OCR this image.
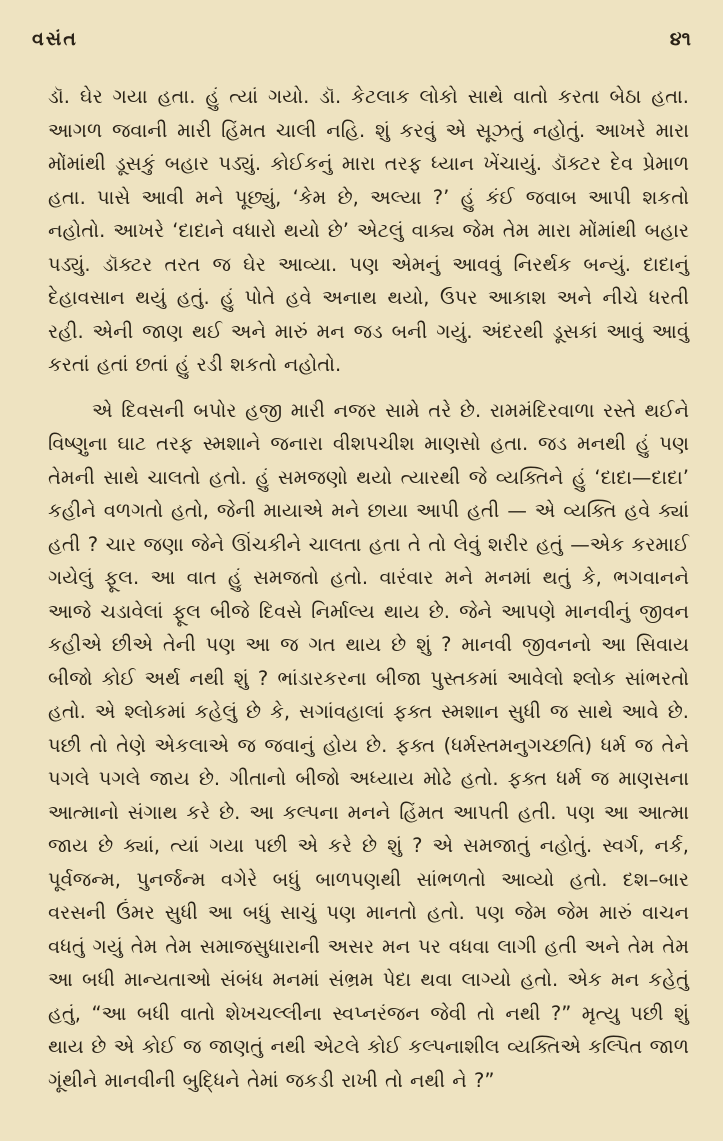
વસંત	૪૧

ડૉ. ઘેર ગયા હતા. હું ત્યાં ગયો. ડૉ. કેટલાક લોકો સાથે વાતો કરતા બેઠા હતા. આગળ જવાની મારી હિંમત ચાલી નહિ. શું કરવું એ સૂઝતું નહોતું. આખરે મારા મોંમાંથી ડૂસકું બહાર પડ્યું. કોઈકનું મારા તરફ ધ્યાન ખેંચાયું. ડૉક્ટર દેવ પ્રેમાળ હતા. પાસે આવી મને પૂછ્યું, ‘કેમ છે, અલ્યા ?’ હું કંઈ જવાબ આપી શકતો નહોતો. આખરે ‘દાદાને વધારો થયો છે’ એટલું વાક્ય જેમ તેમ મારા મોંમાંથી બહાર પડ્યું. ડૉક્ટર તરત જ ઘેર આવ્યા. પણ એમનું આવવું નિરર્થક બન્યું. દાદાનું દેહાવસાન થયું હતું. હું પોતે હવે અનાથ થયો, ઉપર આકાશ અને નીચે ધરતી રહી. એની જાણ થઈ અને મારું મન જડ બની ગયું. અંદરથી ડૂસકાં આવું આવું કરતાં હતાં છતાં હું રડી શકતો નહોતો.

એ દિવસની બપોર હજી મારી નજર સામે તરે છે. રામમંદિરવાળા રસ્તે થઈને વિષ્ણુના ઘાટ તરફ સ્મશાને જનારા વીશપચીશ માણસો હતા. જડ મનથી હું પણ તેમની સાથે ચાલતો હતો. હું સમજણો થયો ત્યારથી જે વ્યક્તિને હું ‘દાદા—દાદા’ કહીને વળગતો હતો, જેની માયાએ મને છાયા આપી હતી — એ વ્યક્તિ હવે ક્યાં હતી ? ચાર જણા જેને ઊંચકીને ચાલતા હતા તે તો લેવું શરીર હતું —એક કરમાઈ ગયેલું ફૂલ. આ વાત હું સમજતો હતો. વારંવાર મને મનમાં થતું કે, ભગવાનને આજે ચડાવેલાં ફૂલ બીજે દિવસે નિર્માલ્ય થાય છે. જેને આપણે માનવીનું જીવન કહીએ છીએ તેની પણ આ જ ગત થાય છે શું ? માનવી જીવનનો આ સિવાય બીજો કોઈ અર્થ નથી શું ? ભાંડારકરના બીજા પુસ્તકમાં આવેલો શ્લોક સાંભરતો હતો. એ શ્લોકમાં કહેલું છે કે, સગાંવહાલાં ફક્ત સ્મશાન સુધી જ સાથે આવે છે. પછી તો તેણે એકલાએ જ જવાનું હોય છે. ફક્ત (ધર્મસ્તમનુગચ્છતિ) ધર્મ જ તેને પગલે પગલે જાય છે. ગીતાનો બીજો અધ્યાય મોઢે હતો. ફક્ત ધર્મ જ માણસના આત્માનો સંગાથ કરે છે. આ કલ્પના મનને હિંમત આપતી હતી. પણ આ આત્મા જાય છે ક્યાં, ત્યાં ગયા પછી એ કરે છે શું ? એ સમજાતું નહોતું. સ્વર્ગ, નર્ક, પૂર્વજન્મ, પુનર્જન્મ વગેરે બધું બાળપણથી સાંભળતો આવ્યો હતો. દશ–બાર વરસની ઉંમર સુધી આ બધું સાચું પણ માનતો હતો. પણ જેમ જેમ મારું વાચન વધતું ગયું તેમ તેમ સમાજસુધારાની અસર મન પર વધવા લાગી હતી અને તેમ તેમ આ બધી માન્યતાઓ સંબંધ મનમાં સંભ્રમ પેદા થવા લાગ્યો હતો. એક મન કહેતું હતું, “આ બધી વાતો શેખચલ્લીના સ્વપ્નરંજન જેવી તો નથી ?” મૃત્યુ પછી શું થાય છે એ કોઈ જ જાણતું નથી એટલે કોઈ કલ્પનાશીલ વ્યક્તિએ કલ્પિત જાળ ગૂંથીને માનવીની બુદ્ધિને તેમાં જકડી રાખી તો નથી ને ?”
